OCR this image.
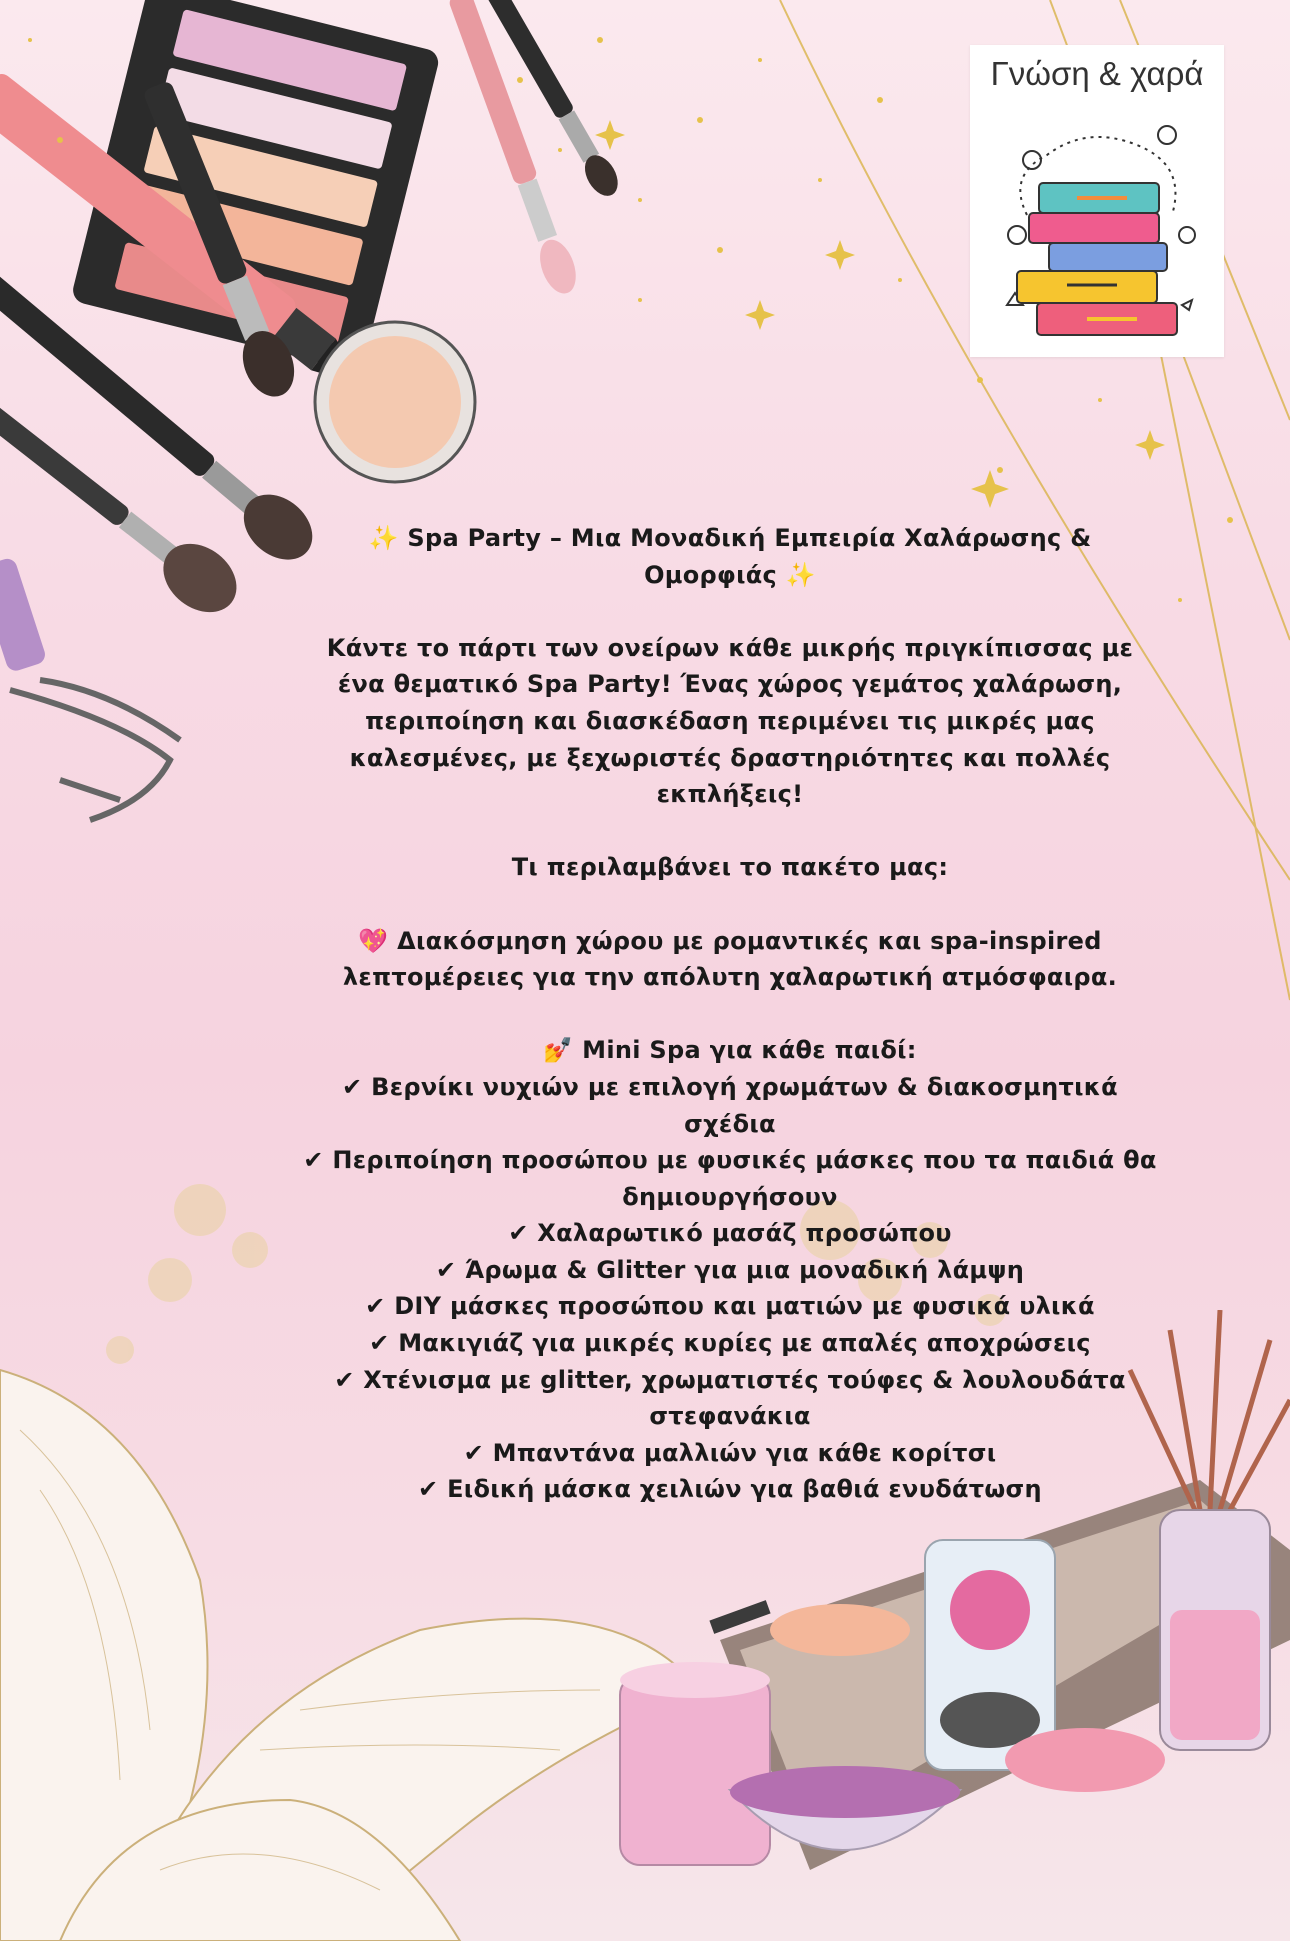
Γνώση & χαρά
✨ Spa Party – Μια Μοναδική Εμπειρία Χαλάρωσης & Ομορφιάς ✨
Κάντε το πάρτι των ονείρων κάθε μικρής πριγκίπισσας με ένα θεματικό Spa Party! Ένας χώρος γεμάτος χαλάρωση, περιποίηση και διασκέδαση περιμένει τις μικρές μας καλεσμένες, με ξεχωριστές δραστηριότητες και πολλές εκπλήξεις!
Τι περιλαμβάνει το πακέτο μας:
💖 Διακόσμηση χώρου με ρομαντικές και spa-inspired λεπτομέρειες για την απόλυτη χαλαρωτική ατμόσφαιρα.
💅 Mini Spa για κάθε παιδί:
✔ Βερνίκι νυχιών με επιλογή χρωμάτων & διακοσμητικά σχέδια
✔ Περιποίηση προσώπου με φυσικές μάσκες που τα παιδιά θα δημιουργήσουν
✔ Χαλαρωτικό μασάζ προσώπου
✔ Άρωμα & Glitter για μια μοναδική λάμψη
✔ DIY μάσκες προσώπου και ματιών με φυσικά υλικά
✔ Μακιγιάζ για μικρές κυρίες με απαλές αποχρώσεις
✔ Χτένισμα με glitter, χρωματιστές τούφες & λουλουδάτα στεφανάκια
✔ Μπαντάνα μαλλιών για κάθε κορίτσι
✔ Ειδική μάσκα χειλιών για βαθιά ενυδάτωση
